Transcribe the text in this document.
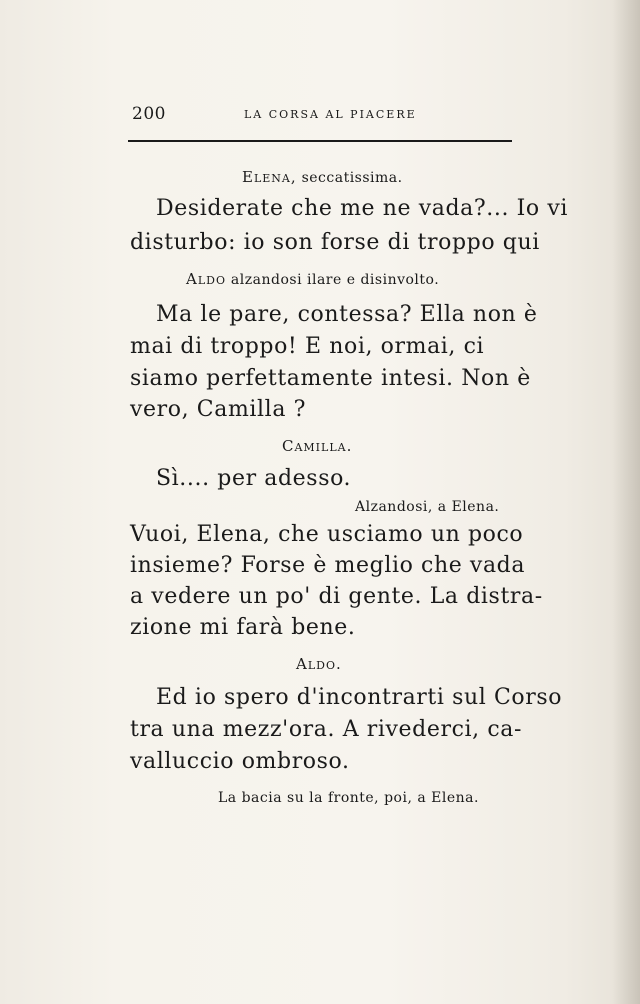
200	LA CORSA AL PIACERE
Elena, seccatissima.
Desiderate che me ne vada?... Io vi
disturbo: io son forse di troppo qui
Aldo alzandosi ilare e disinvolto.
Ma le pare, contessa? Ella non è
mai di troppo! E noi, ormai, ci
siamo perfettamente intesi. Non è
vero, Camilla ?
Camilla.
Sì.... per adesso.
Alzandosi, a Elena.
Vuoi, Elena, che usciamo un poco
insieme? Forse è meglio che vada
a vedere un po' di gente. La distra-
zione mi farà bene.
Aldo.
Ed io spero d'incontrarti sul Corso
tra una mezz'ora. A rivederci, ca-
valluccio ombroso.
La bacia su la fronte, poi, a Elena.
